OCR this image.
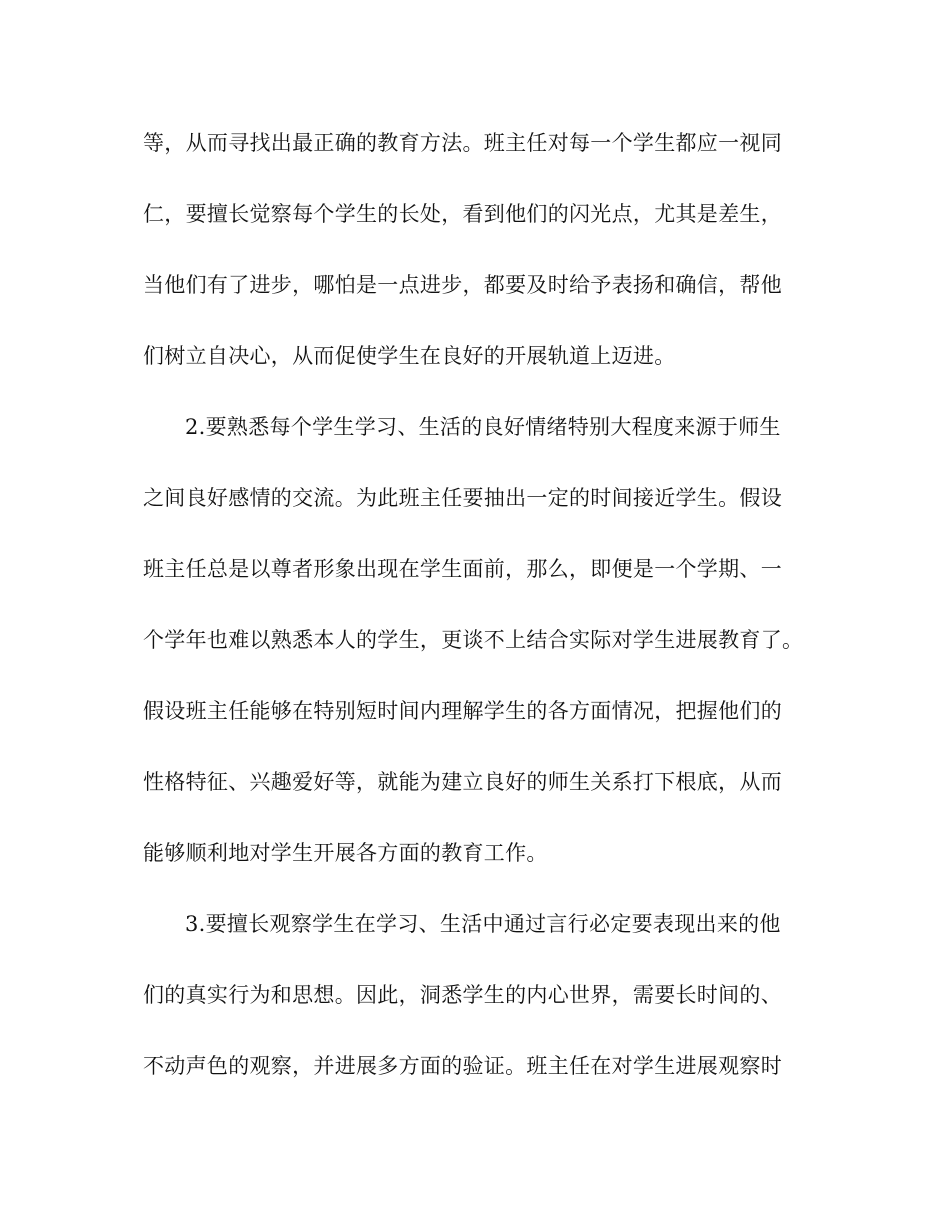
等，从而寻找出最正确的教育方法。班主任对每一个学生都应一视同
仁，要擅长觉察每个学生的长处，看到他们的闪光点，尤其是差生，
当他们有了进步，哪怕是一点进步，都要及时给予表扬和确信，帮他
们树立自决心，从而促使学生在良好的开展轨道上迈进。
2.要熟悉每个学生学习、生活的良好情绪特别大程度来源于师生
之间良好感情的交流。为此班主任要抽出一定的时间接近学生。假设
班主任总是以尊者形象出现在学生面前，那么，即便是一个学期、一
个学年也难以熟悉本人的学生，更谈不上结合实际对学生进展教育了。
假设班主任能够在特别短时间内理解学生的各方面情况，把握他们的
性格特征、兴趣爱好等，就能为建立良好的师生关系打下根底，从而
能够顺利地对学生开展各方面的教育工作。
3.要擅长观察学生在学习、生活中通过言行必定要表现出来的他
们的真实行为和思想。因此，洞悉学生的内心世界，需要长时间的、
不动声色的观察，并进展多方面的验证。班主任在对学生进展观察时
